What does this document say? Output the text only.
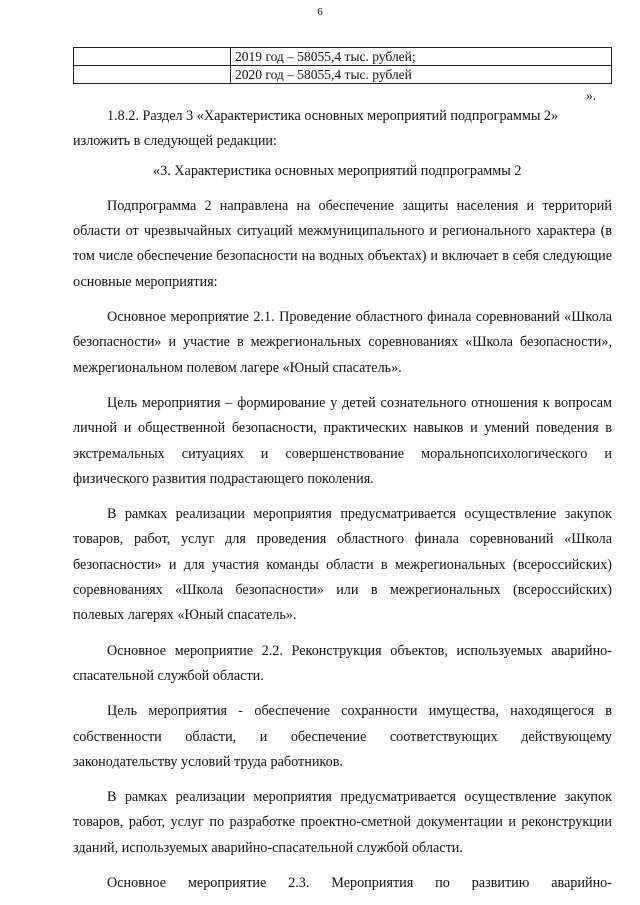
6
	2019 год – 58055,4 тыс. рублей;
	2020 год – 58055,4 тыс. рублей
».

1.8.2. Раздел 3 «Характеристика основных мероприятий подпрограммы 2»

изложить в следующей редакции:

«3. Характеристика основных мероприятий подпрограммы 2

Подпрограмма 2 направлена на обеспечение защиты населения и территорий области от чрезвычайных ситуаций межмуниципального и регионального характера (в том числе обеспечение безопасности на водных объектах) и включает в себя следующие основные мероприятия:

Основное мероприятие 2.1. Проведение областного финала соревнований «Школа безопасности» и участие в межрегиональных соревнованиях «Школа безопасности», межрегиональном полевом лагере «Юный спасатель».

Цель мероприятия – формирование у детей сознательного отношения к вопросам личной и общественной безопасности, практических навыков и умений поведения в экстремальных ситуациях и совершенствование моральнопсихологического и физического развития подрастающего поколения.

В рамках реализации мероприятия предусматривается осуществление закупок товаров, работ, услуг для проведения областного финала соревнований «Школа безопасности» и для участия команды области в межрегиональных (всероссийских) соревнованиях «Школа безопасности» или в межрегиональных (всероссийских) полевых лагерях «Юный спасатель».

Основное мероприятие 2.2. Реконструкция объектов, используемых аварийно-спасательной службой области.

Цель мероприятия - обеспечение сохранности имущества, находящегося в собственности области, и обеспечение соответствующих действующему законодательству условий труда работников.

В рамках реализации мероприятия предусматривается осуществление закупок товаров, работ, услуг по разработке проектно-сметной документации и реконструкции зданий, используемых аварийно-спасательной службой области.

Основное мероприятие 2.3. Мероприятия по развитию аварийно-
